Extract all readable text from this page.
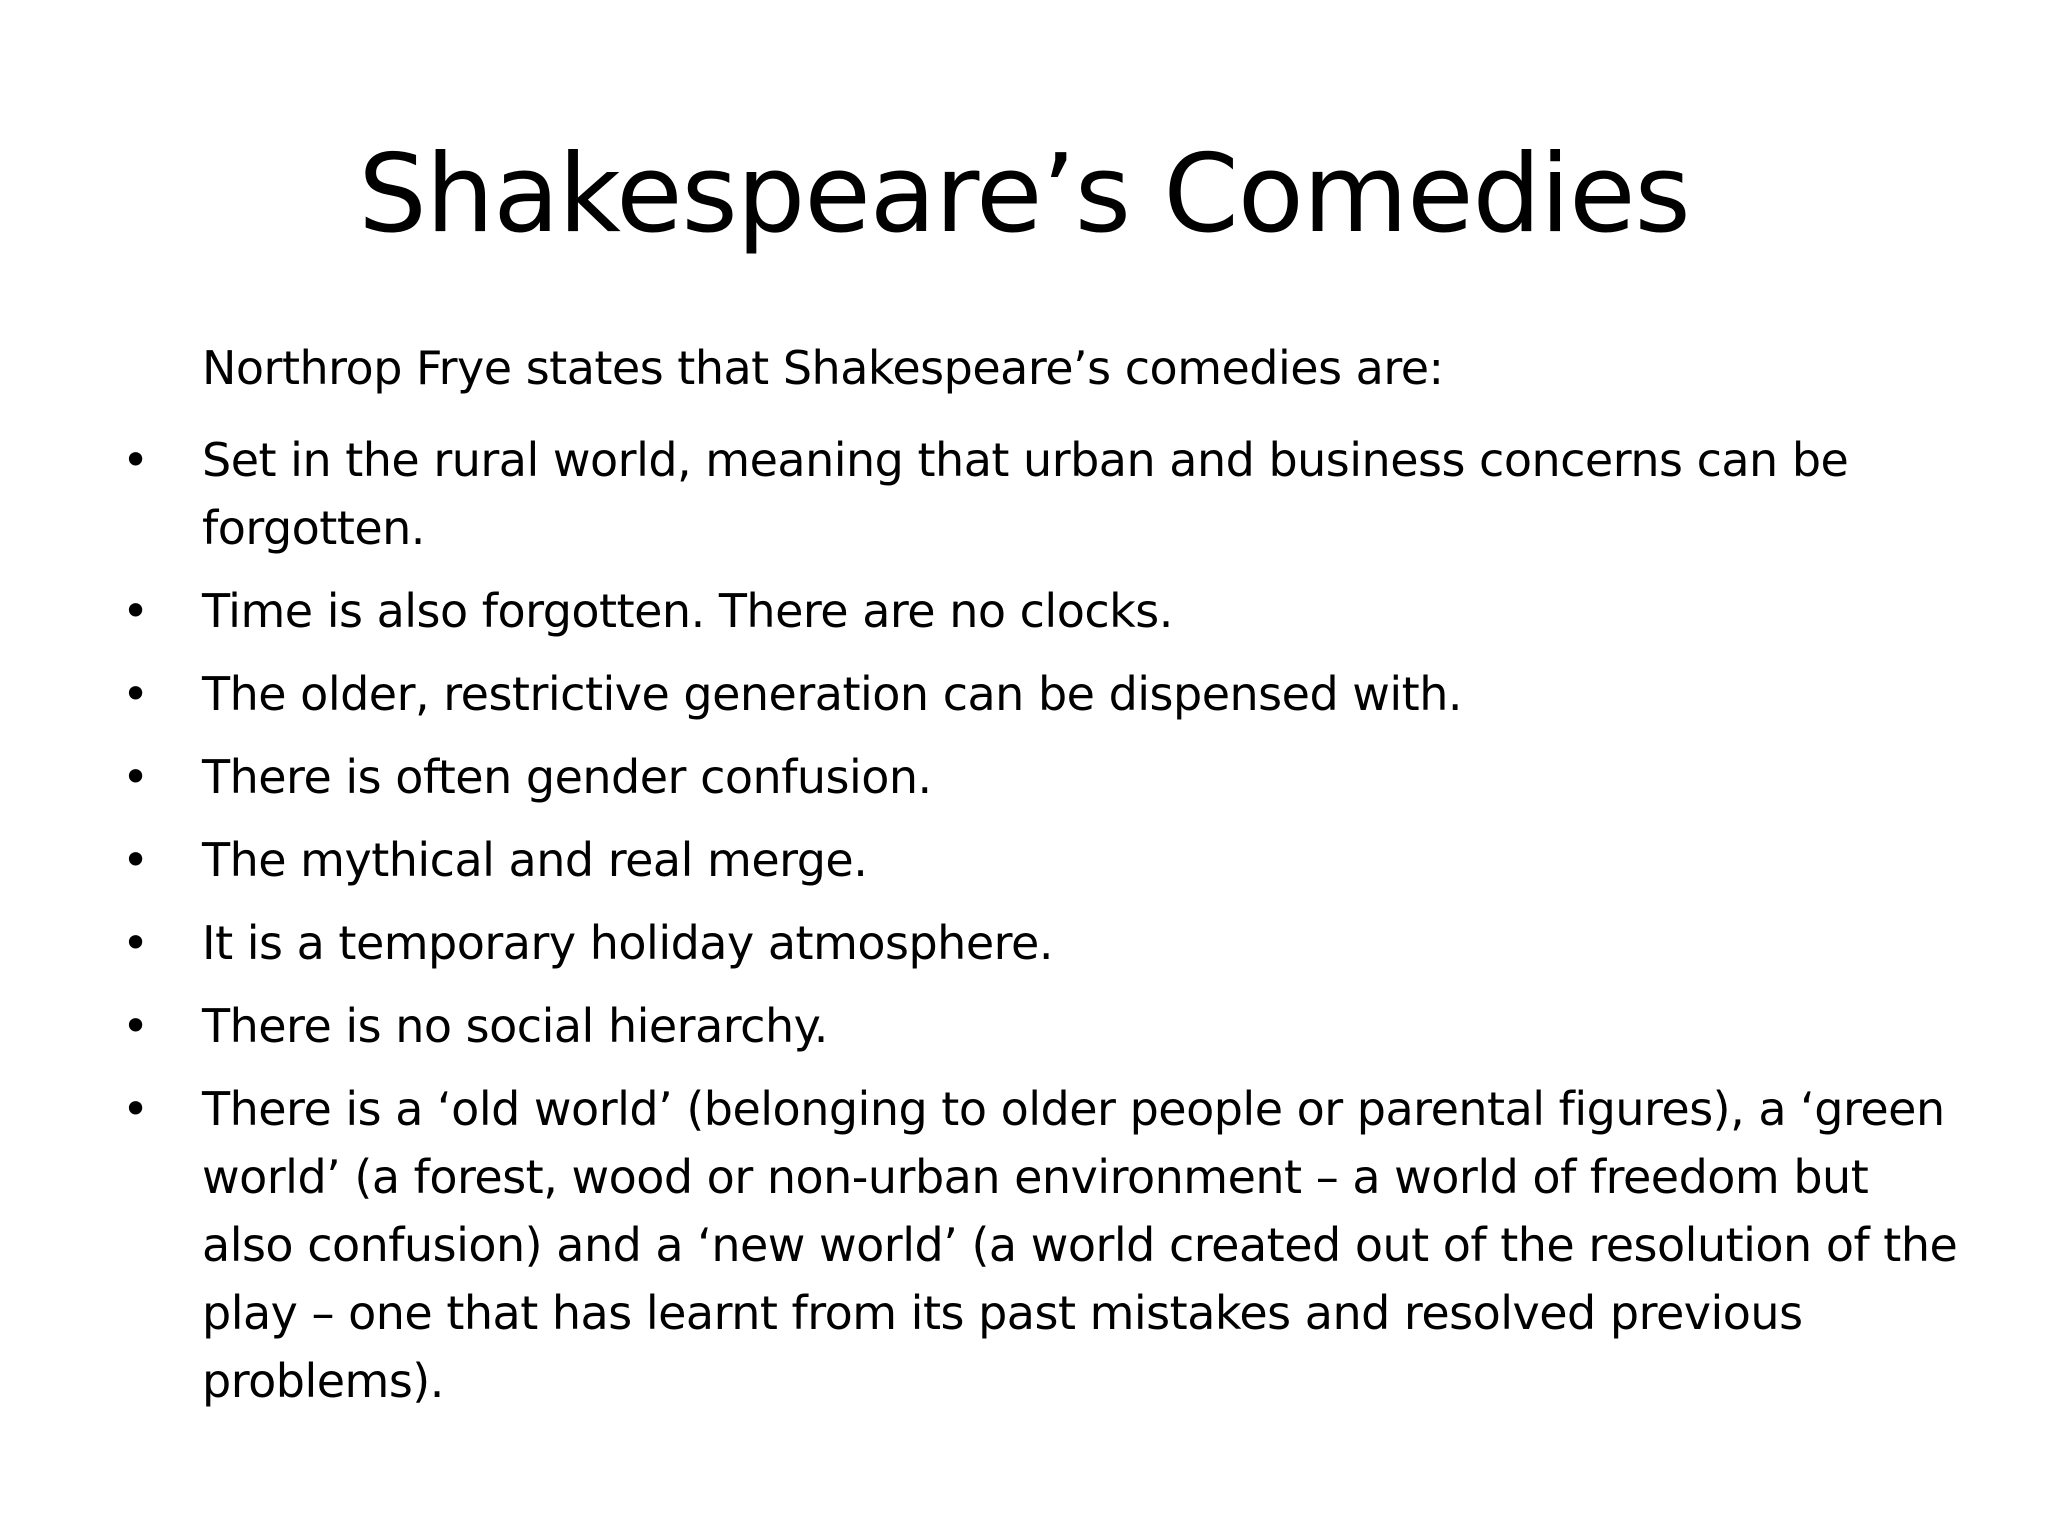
Shakespeare’s Comedies

Northrop Frye states that Shakespeare’s comedies are:

• Set in the rural world, meaning that urban and business concerns can be forgotten.
• Time is also forgotten. There are no clocks.
• The older, restrictive generation can be dispensed with.
• There is often gender confusion.
• The mythical and real merge.
• It is a temporary holiday atmosphere.
• There is no social hierarchy.
• There is a ‘old world’ (belonging to older people or parental figures), a ‘green world’ (a forest, wood or non-urban environment – a world of freedom but also confusion) and a ‘new world’ (a world created out of the resolution of the play – one that has learnt from its past mistakes and resolved previous problems).
